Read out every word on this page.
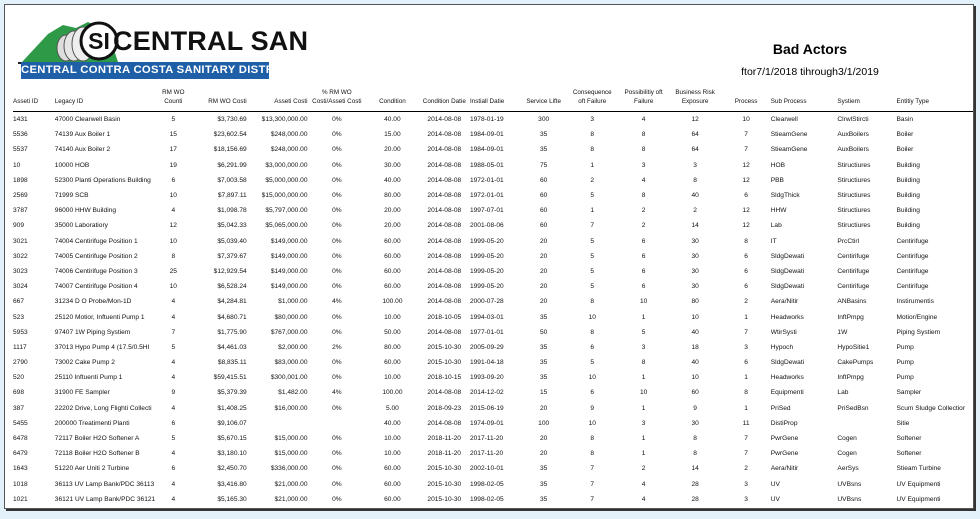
SI CENTRAL SAN
CENTRAL CONTRA COSTA SANITARY DISTRICT
Bad Actors
ftor7/1/2018 tihrough3/1/2019
Asseti ID	Legacy ID

RM WO
Counti	RM WO Costi	Asseti Costi

% RM WO
Costi/Asseti Costi	Condition	Condition Datie	Instiall Datie	Service Lifte

Consequence
oft Failure

Possibilitiy oft
Failure

Business Risk
Exposure	Process	Sub Process	Systiem	Entitiy Type

1431	47000 Clearwell Basin	5	$3,730.69	$13,300,000.00	0%	40.00	2014-08-08	1978-01-19	300	3	4	12	10	Clearwell	ClrwlStircti	Basin
5536	74139 Aux Boiler 1	15	$23,602.54	$248,000.00	0%	15.00	2014-08-08	1984-09-01	35	8	8	64	7	StieamGene	AuxBoilers	Boiler
5537	74140 Aux Boiler 2	17	$18,156.69	$248,000.00	0%	20.00	2014-08-08	1984-09-01	35	8	8	64	7	StieamGene	AuxBoilers	Boiler
10	10000 HOB	19	$6,291.99	$3,000,000.00	0%	30.00	2014-08-08	1988-05-01	75	1	3	3	12	HOB	Stiructiures	Building
1898	52300 Planti Operations Building	6	$7,003.58	$5,000,000.00	0%	40.00	2014-08-08	1972-01-01	60	2	4	8	12	PBB	Stiructiures	Building
2569	71999 SCB	10	$7,897.11	$15,000,000.00	0%	80.00	2014-08-08	1972-01-01	60	5	8	40	6	SldgThick	Stiructiures	Building
3787	96000 HHW Building	4	$1,098.78	$5,797,000.00	0%	20.00	2014-08-08	1997-07-01	60	1	2	2	12	HHW	Stiructiures	Building
909	35000 Laboratiory	12	$5,042.33	$5,065,000.00	0%	20.00	2014-08-08	2001-08-06	60	7	2	14	12	Lab	Stiructiures	Building
3021	74004 Centirifuge Position 1	10	$5,039.40	$149,000.00	0%	60.00	2014-08-08	1999-05-20	20	5	6	30	8	IT	PrcCtirl	Centirifuge
3022	74005 Centirifuge Position 2	8	$7,379.67	$149,000.00	0%	60.00	2014-08-08	1999-05-20	20	5	6	30	6	SldgDewati	Centirifuge	Centirifuge
3023	74006 Centirifuge Position 3	25	$12,929.54	$149,000.00	0%	60.00	2014-08-08	1999-05-20	20	5	6	30	6	SldgDewati	Centirifuge	Centirifuge
3024	74007 Centirifuge Position 4	10	$6,528.24	$149,000.00	0%	60.00	2014-08-08	1999-05-20	20	5	6	30	6	SldgDewati	Centirifuge	Centirifuge
667	31234 D O Probe/Mon-1D	4	$4,284.81	$1,000.00	4%	100.00	2014-08-08	2000-07-28	20	8	10	80	2	Aera/Nitir	ANBasins	Instirumentis
523	25120 Motior, Inftuenti Pump 1	4	$4,680.71	$80,000.00	0%	10.00	2018-10-05	1994-03-01	35	10	1	10	1	Headworks	InftPmpg	Motior/Engine
5953	97407 1W Piping Systiem	7	$1,775.90	$767,000.00	0%	50.00	2014-08-08	1977-01-01	50	8	5	40	7	WtirSysti	1W	Piping Systiem
1117	37013 Hypo Pump 4 (17.5/0.5HI	5	$4,461.03	$2,000.00	2%	80.00	2015-10-30	2005-09-29	35	6	3	18	3	Hypoch	HypoSitie1	Pump
2790	73002 Cake Pump 2	4	$8,835.11	$83,000.00	0%	60.00	2015-10-30	1991-04-18	35	5	8	40	6	SldgDewati	CakePumps	Pump
520	25110 Inftuenti Pump 1	4	$59,415.51	$300,001.00	0%	10.00	2018-10-15	1993-09-20	35	10	1	10	1	Headworks	InftPmpg	Pump
698	31900 FE Sampler	9	$5,379.39	$1,482.00	4%	100.00	2014-08-08	2014-12-02	15	6	10	60	8	Equipmenti	Lab	Sampler
387	22202 Drive, Long Flighti Collecti	4	$1,408.25	$16,000.00	0%	5.00	2018-09-23	2015-06-19	20	9	1	9	1	PriSed	PriSedBsn	Scum Sludge Collectior
5455	200000 Treatimenti Planti	6	$9,106.07			40.00	2014-08-08	1974-09-01	100	10	3	30	11	DistiProp		Sitie
6478	72117 Boiler H2O Softener A	5	$5,670.15	$15,000.00	0%	10.00	2018-11-20	2017-11-20	20	8	1	8	7	PwrGene	Cogen	Softener
6479	72118 Boiler H2O Softener B	4	$3,180.10	$15,000.00	0%	10.00	2018-11-20	2017-11-20	20	8	1	8	7	PwrGene	Cogen	Softener
1643	51220 Aer Uniti 2 Turbine	6	$2,450.70	$336,000.00	0%	60.00	2015-10-30	2002-10-01	35	7	2	14	2	Aera/Nitir	AerSys	Stieam Turbine
1018	36113 UV Lamp Bank/PDC 36113	4	$3,416.80	$21,000.00	0%	60.00	2015-10-30	1998-02-05	35	7	4	28	3	UV	UVBsns	UV Equipmenti
1021	36121 UV Lamp Bank/PDC 36121	4	$5,165.30	$21,000.00	0%	60.00	2015-10-30	1998-02-05	35	7	4	28	3	UV	UVBsns	UV Equipmenti
